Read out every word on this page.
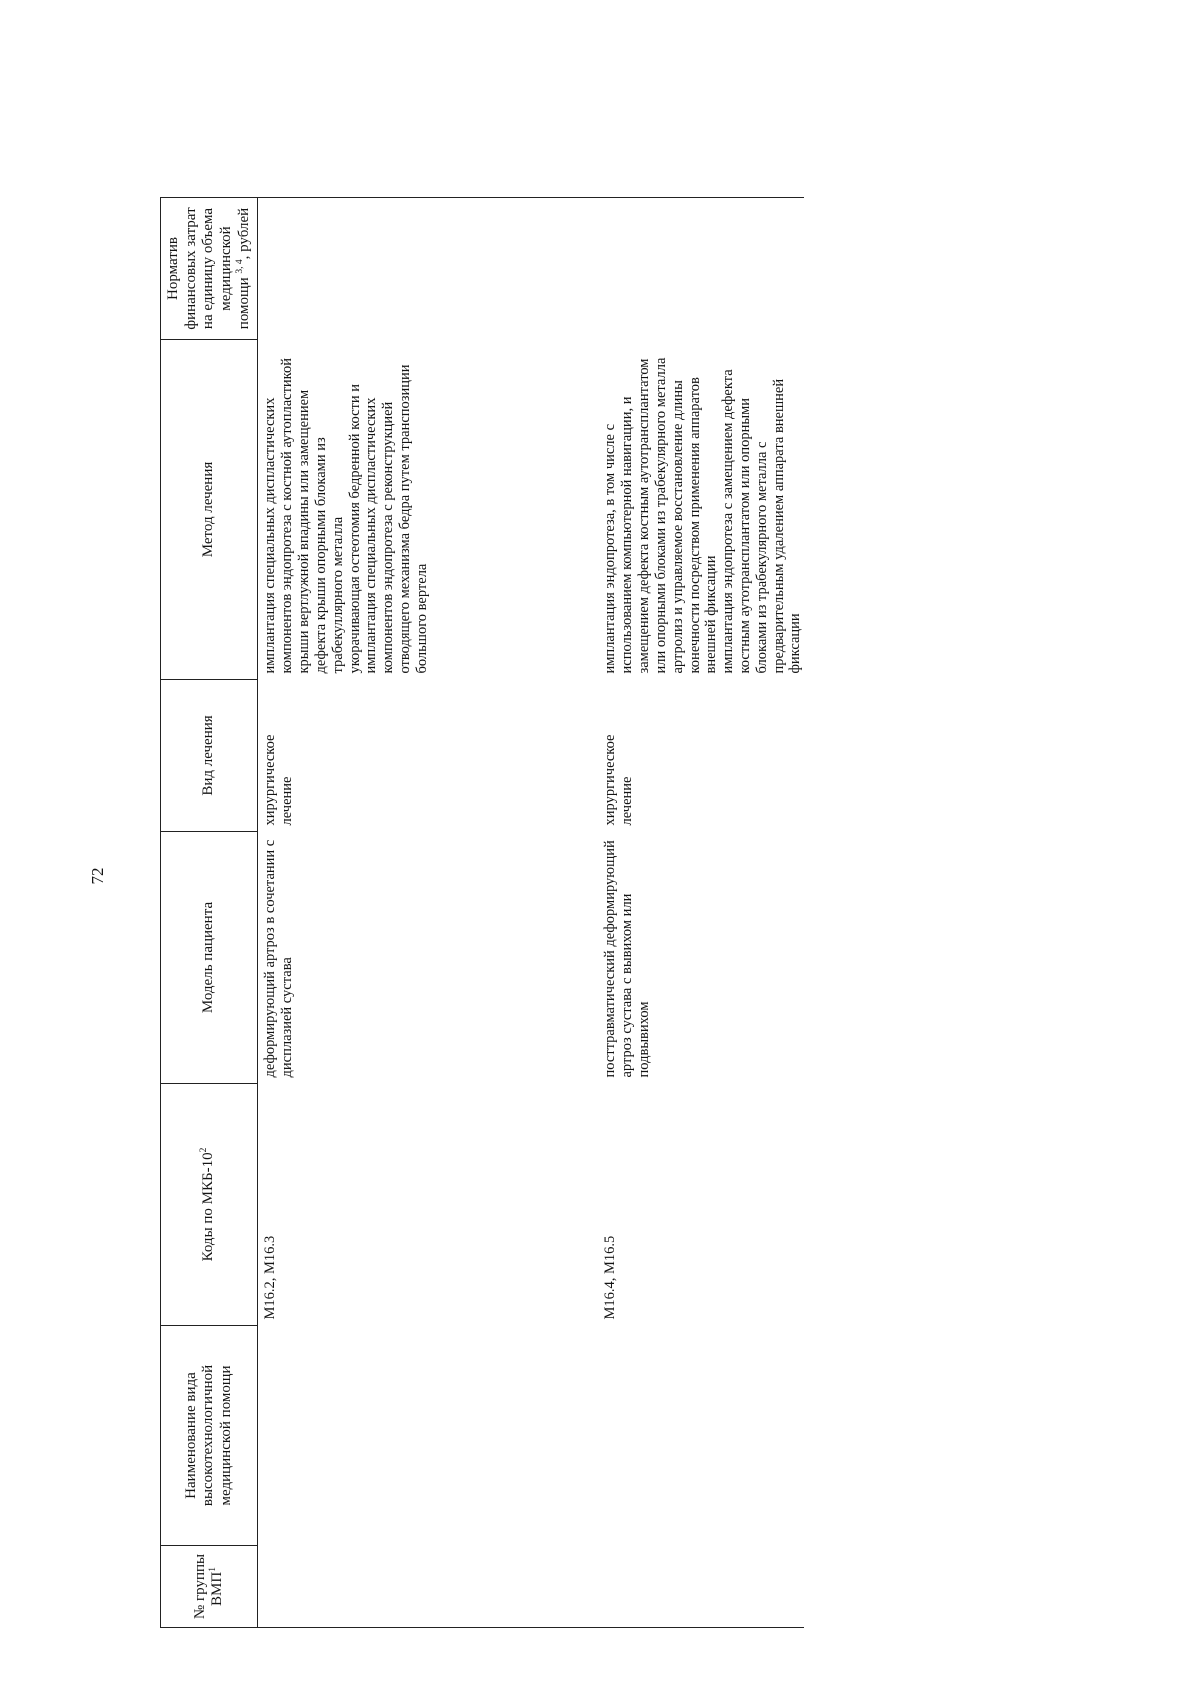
72
№ группы ВМП$^1$	Наименование вида высокотехнологичной медицинской помощи	Коды по МКБ-$10^2$	Модель пациента	Вид лечения	Метод лечения	Норматив финансовых затрат на единицу объема медицинской помощи $^{3, 4}$, рублей
		M16.2, M16.3	деформирующий артроз в сочетании с дисплазией сустава	хирургическое лечение	имплантация специальных диспластических компонентов эндопротеза с костной аутопластикой крыши вертлужной впадины или замещением дефекта крыши опорными блоками из трабекуллярного металла укорачивающая остеотомия бедренной кости и имплантация специальных диспластических компонентов эндопротеза с реконструкцией отводящего механизма бедра путем транспозиции большого вертела	

		M16.4, M16.5	посттравматический деформирующий артроз сустава с вывихом или подвывихом	хирургическое лечение	имплантация эндопротеза, в том числе с использованием компьютерной навигации, и замещением дефекта костным аутотрансплантатом или опорными блоками из трабекулярного металла артролиз и управляемое восстановление длины конечности посредством применения аппаратов внешней фиксации имплантация эндопротеза с замещением дефекта костным аутотрансплантатом или опорными блоками из трабекулярного металла с предварительным удалением аппарата внешней фиксации	
